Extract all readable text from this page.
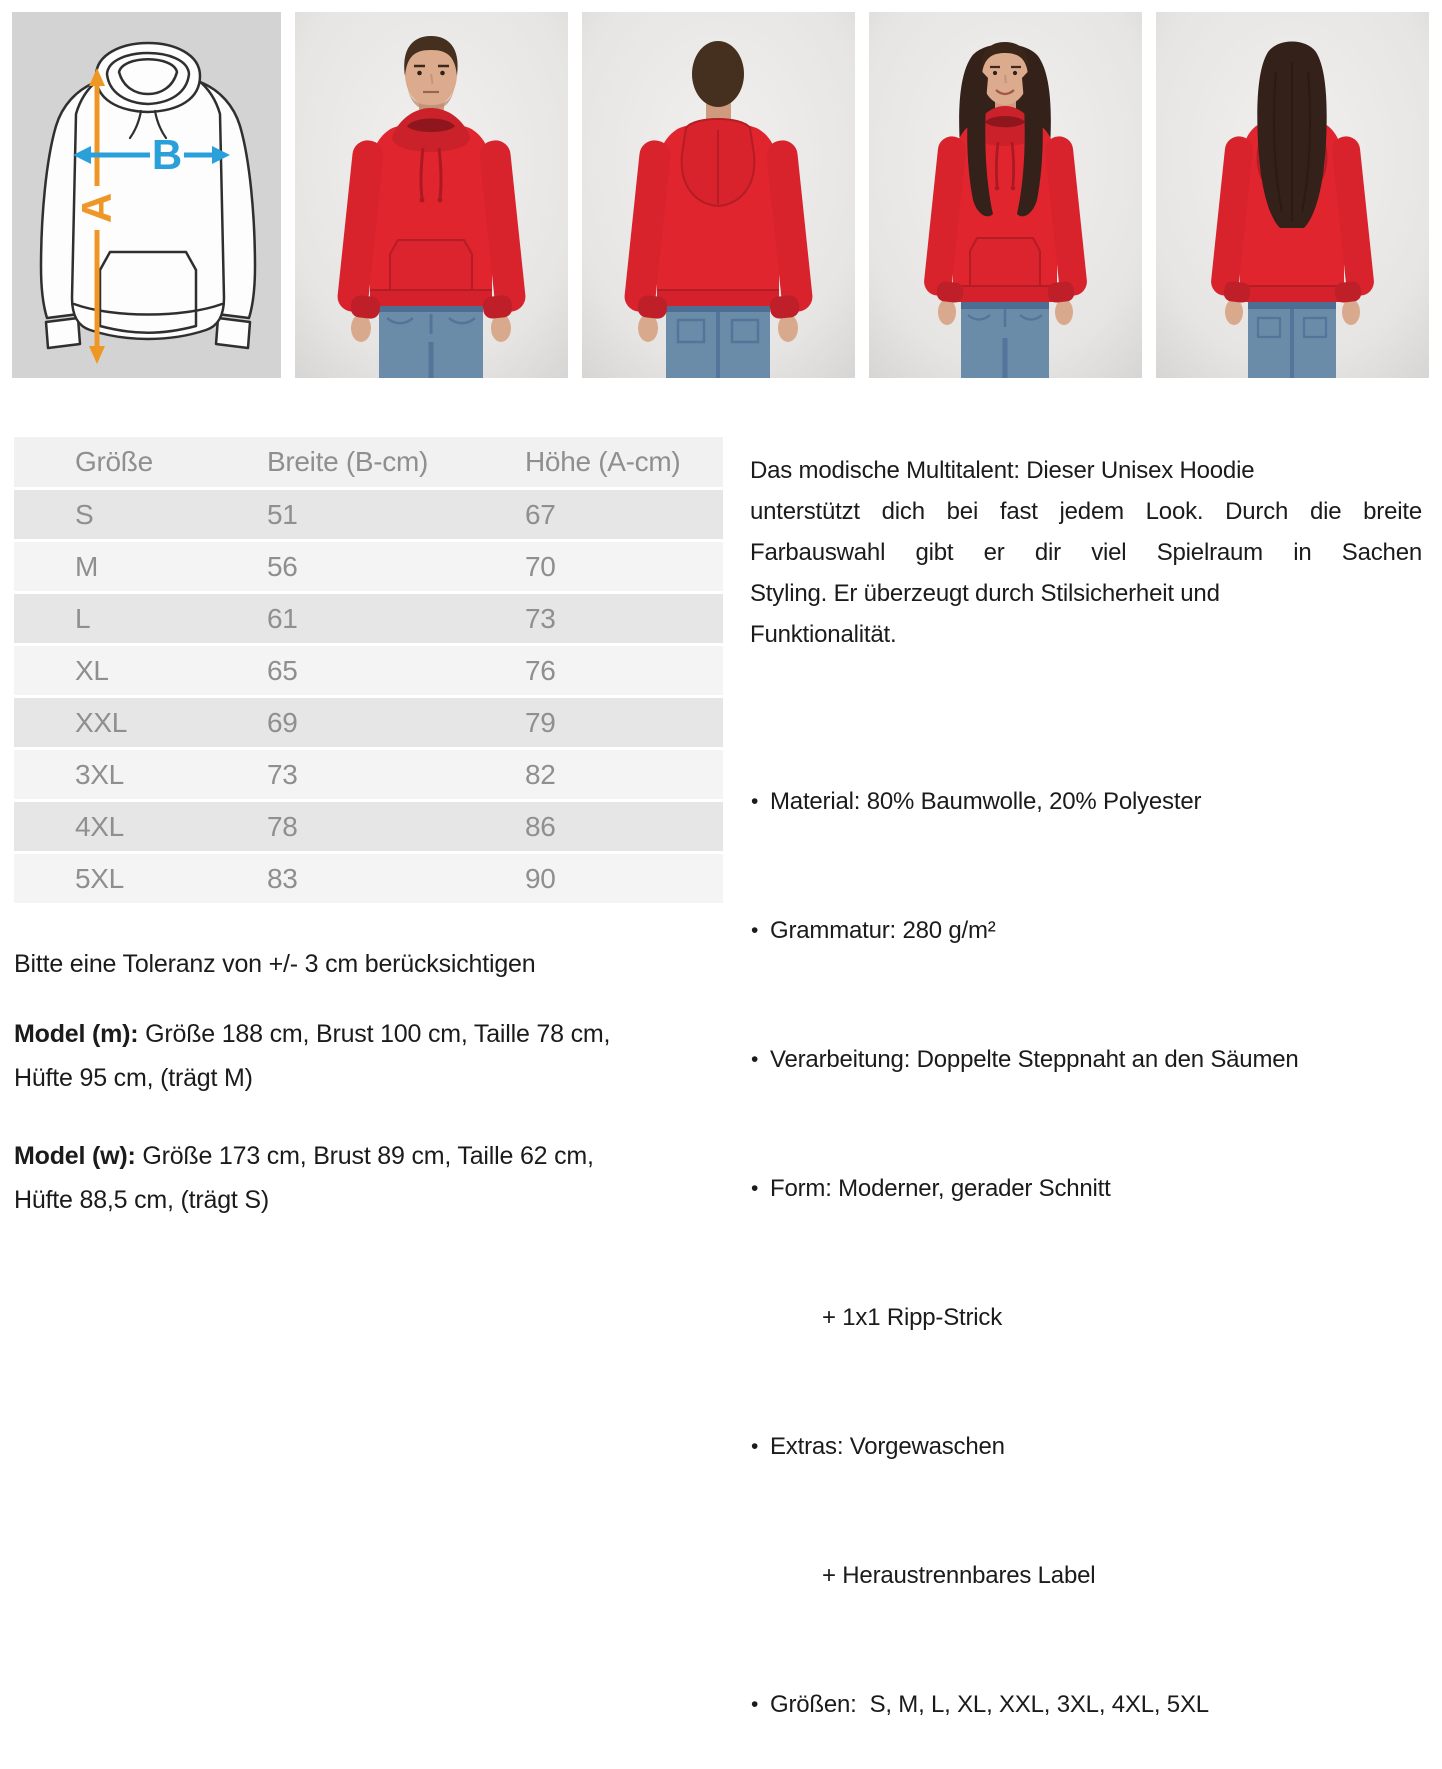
A
B
Größe	Breite (B-cm)	Höhe (A-cm)
S	51	67
M	56	70
L	61	73
XL	65	76
XXL	69	79
3XL	73	82
4XL	78	86
5XL	83	90
Das modische Multitalent: Dieser Unisex Hoodie
unterstützt dich bei fast jedem Look. Durch die breite
Farbauswahl gibt er dir viel Spielraum in Sachen
Styling. Er überzeugt durch Stilsicherheit und
Funktionalität.

• Material: 80% Baumwolle, 20% Polyester

• Grammatur: 280 g/m²

• Verarbeitung: Doppelte Steppnaht an den Säumen

• Form: Moderner, gerader Schnitt

+ 1x1 Ripp-Strick

• Extras: Vorgewaschen

+ Heraustrennbares Label

• Größen:  S, M, L, XL, XXL, 3XL, 4XL, 5XL

Bitte eine Toleranz von +/- 3 cm berücksichtigen
Model (m): Größe 188 cm, Brust 100 cm, Taille 78 cm,
Hüfte 95 cm, (trägt M)
Model (w): Größe 173 cm, Brust 89 cm, Taille 62 cm,
Hüfte 88,5 cm, (trägt S)
